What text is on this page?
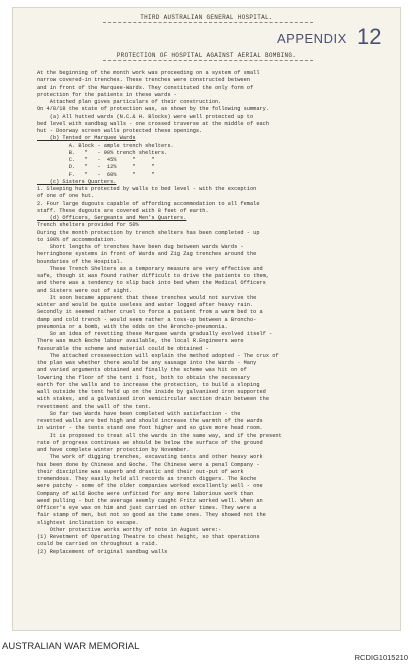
THIRD AUSTRALIAN GENERAL HOSPITAL.
APPENDIX 12
PROTECTION OF HOSPITAL AGAINST AERIAL BOMBING.
At the beginning of the month work was proceeding on a system of small
narrow covered-in trenches. These trenches were constructed between
and in front of the Marquee-Wards. They constituted the only form of
protection for the patients in these wards -
Attached plan gives particulars of their construction.
On 4/8/18 the state of protection was, as shown by the following summary.
(a) All hutted wards (N.C.& H. Blocks) were well protected up to
bed level with sandbag walls - one crossed traverse at the middle of each
hut - Doorway screen walls protected these openings.
(b) Tented or Marquee Wards
A. Block - ample trench shelters.
B.   "   - 90% trench shelters.
C.   "   -  45%     "     "
D.   "   -  12%     "     "
F.   "   -  60%     "     "
(c) Sisters Quarters.
1. Sleeping huts protected by walls to bed level - with the exception
of one of one hut.
2. Four large dugouts capable of affording accommodation to all female
staff. These dugouts are covered with 8 feet of earth.
(d) Officers, Sergeants and Men's Quarters.
Trench shelters provided for 50%
During the month protection by trench shelters has been completed - up
to 100% of accommodation.
Short lengths of trenches have been dug between wards Wards -
herringbone systems in front of Wards and Zig Zag trenches around the
boundaries of the Hospital.
These Trench Shelters as a temporary measure are very effective and
safe, though it was found rather difficult to drive the patients to them,
and there was a tendency to slip back into bed when the Medical Officers
and Sisters were out of sight.
It soon became apparent that these trenches would not survive the
winter and would be quite useless and water logged after heavy rain.
Secondly it seemed rather cruel to force a patient from a warm bed to a
damp and cold trench - would seem rather a toss-up between a Broncho-
pneumonia or a bomb, with the odds on the Broncho-pneumonia.
So an idea of revetting these Marquee wards gradually evolved itself -
There was much Boche labour available, the local R.Engineers were
favourable the scheme and material could be obtained -
The attached crossesection will explain the method adopted - The crux of
the plan was whether there would be any sausage into the Wards - Many
and varied arguments obtained and finally the scheme was hit on of
lowering the floor of the tent 1 foot, both to obtain the necessary
earth for the walls and to increase the protection, to build a sloping
wall outside the tent held up on the inside by galvanised iron supported
with stakes, and a galvanised iron semicircular section drain between the
revettment and the wall of the tent.
So far two Wards have been completed with satisfaction - the
revetted walls are bed high and should increase the warmth of the wards
in winter - the tents stand one foot higher and so give more head room.
It is proposed to treat all the wards in the same way, and if the present
rate of progress continues we should be below the surface of the ground
and have complete winter protection by November.
The work of digging trenches, excavating tents and other heavy work
has been done by Chinese and Boche. The Chinese were a penal Company -
their discipline was superb and drastic and their out-put of work
tremendous. They easily held all records as trench diggers. The Boche
were patchy - some of the older companies worked excellently well - one
Company of wild Boche were unfitted for any more laborious work than
weed pulling - but the average seemly caught Fritz worked well. When an
Officer's eye was on him and just carried on other times. They were a
fair stamp of men, but not so good as the tame ones. They showed not the
slightest inclination to escape.
Other protective works worthy of note in August were:-
(1) Revetment of Operating Theatre to chest height, so that operations
could be carried on throughout a raid.
(2) Replacement of original sandbag walls
AUSTRALIAN WAR MEMORIAL
RCDIG1015210
